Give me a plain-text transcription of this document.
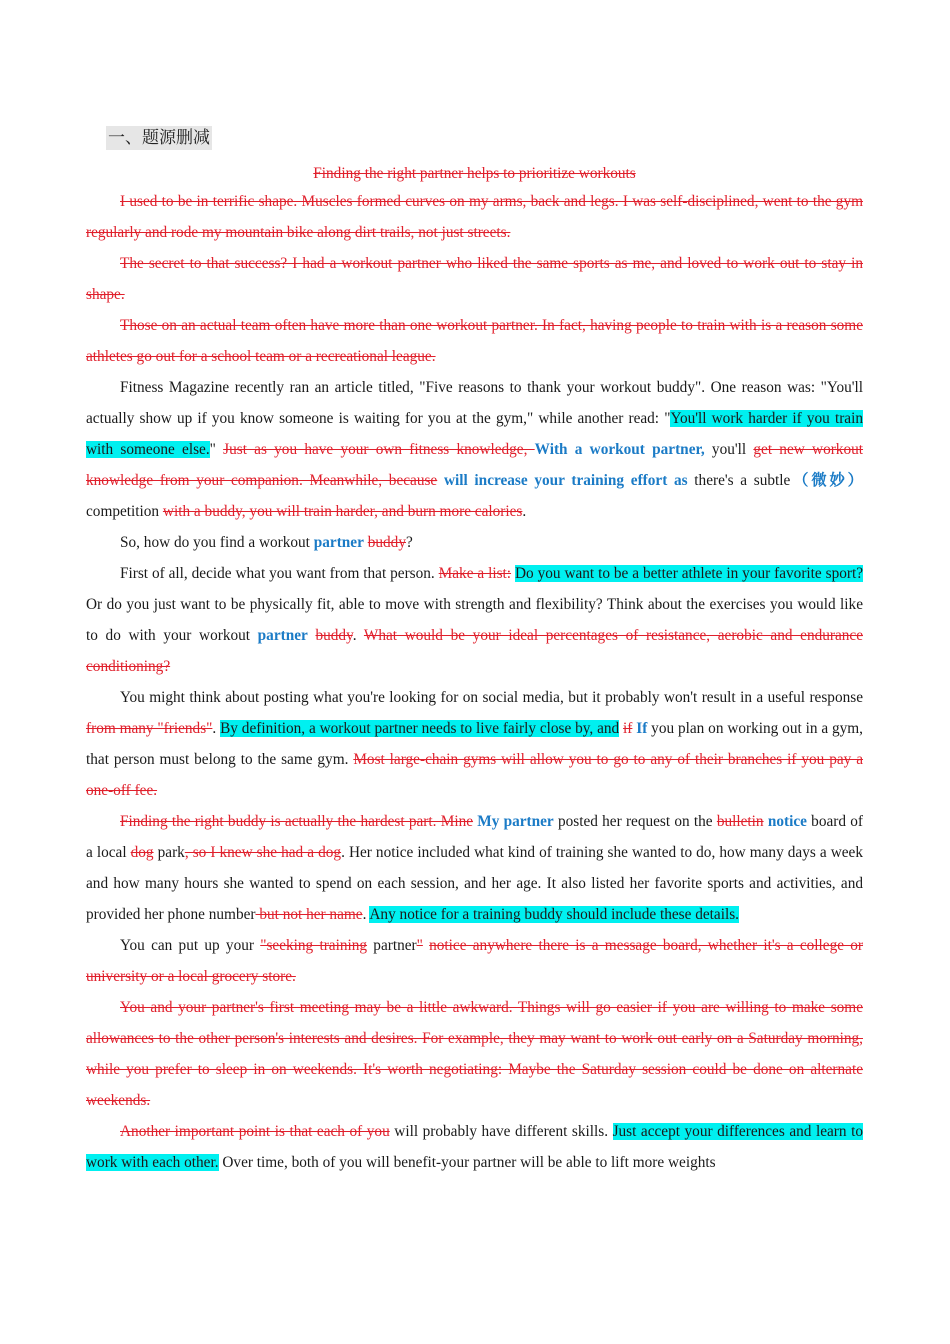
一、题源删减

Finding the right partner helps to prioritize workouts

I used to be in terrific shape. Muscles formed curves on my arms, back and legs. I was self-disciplined, went to the gym regularly and rode my mountain bike along dirt trails, not just streets.

The secret to that success? I had a workout partner who liked the same sports as me, and loved to work out to stay in shape.

Those on an actual team often have more than one workout partner. In fact, having people to train with is a reason some athletes go out for a school team or a recreational league.

Fitness Magazine recently ran an article titled, "Five reasons to thank your workout buddy". One reason was: "You'll actually show up if you know someone is waiting for you at the gym," while another read: "You'll work harder if you train with someone else." Just as you have your own fitness knowledge, With a workout partner, you'll get new workout knowledge from your companion. Meanwhile, because will increase your training effort as there's a subtle（微妙） competition with a buddy, you will train harder, and burn more calories.

So, how do you find a workout partner buddy?

First of all, decide what you want from that person. Make a list: Do you want to be a better athlete in your favorite sport? Or do you just want to be physically fit, able to move with strength and flexibility? Think about the exercises you would like to do with your workout partner buddy. What would be your ideal percentages of resistance, aerobic and endurance conditioning?

You might think about posting what you're looking for on social media, but it probably won't result in a useful response from many "friends". By definition, a workout partner needs to live fairly close by, and if If you plan on working out in a gym, that person must belong to the same gym. Most large-chain gyms will allow you to go to any of their branches if you pay a one-off fee.

Finding the right buddy is actually the hardest part. Mine My partner posted her request on the bulletin notice board of a local dog park, so I knew she had a dog. Her notice included what kind of training she wanted to do, how many days a week and how many hours she wanted to spend on each session, and her age. It also listed her favorite sports and activities, and provided her phone number but not her name. Any notice for a training buddy should include these details.

You can put up your "seeking training partner" notice anywhere there is a message board, whether it's a college or university or a local grocery store.

You and your partner's first meeting may be a little awkward. Things will go easier if you are willing to make some allowances to the other person's interests and desires. For example, they may want to work out early on a Saturday morning, while you prefer to sleep in on weekends. It's worth negotiating: Maybe the Saturday session could be done on alternate weekends.

Another important point is that each of you will probably have different skills. Just accept your differences and learn to work with each other. Over time, both of you will benefit-your partner will be able to lift more weights
